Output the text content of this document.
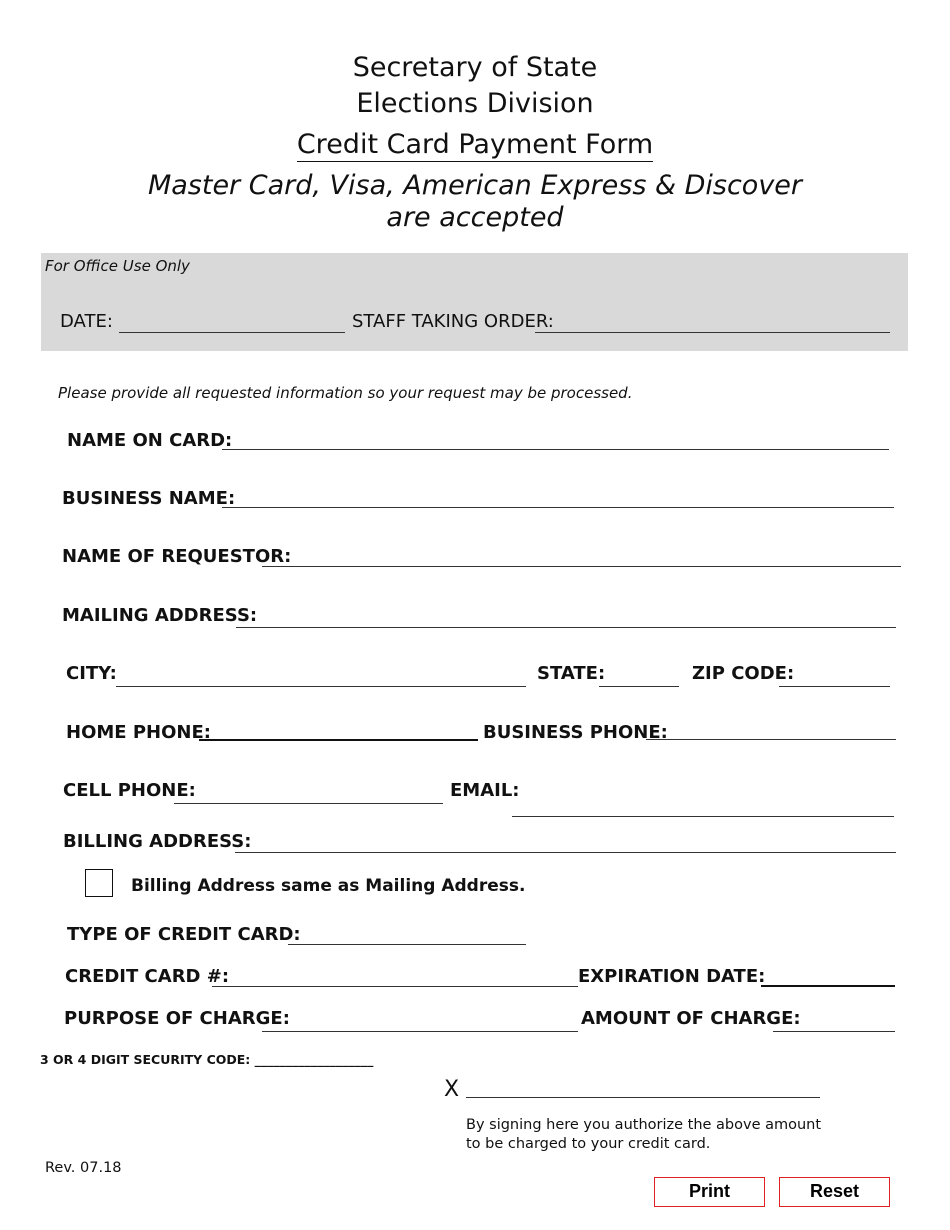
Secretary of State
Elections Division
Credit Card Payment Form
Master Card, Visa, American Express & Discover are accepted
For Office Use Only
DATE:	STAFF TAKING ORDER:
Please provide all requested information so your request may be processed.
NAME ON CARD:
BUSINESS NAME:
NAME OF REQUESTOR:
MAILING ADDRESS:
CITY:	STATE:	ZIP CODE:
HOME PHONE:	BUSINESS PHONE:
CELL PHONE:	EMAIL:
BILLING ADDRESS:
Billing Address same as Mailing Address.
TYPE OF CREDIT CARD:
CREDIT CARD #:	EXPIRATION DATE:
PURPOSE OF CHARGE:	AMOUNT OF CHARGE:
3 OR 4 DIGIT SECURITY CODE: ___________________
X
By signing here you authorize the above amount to be charged to your credit card.
Rev. 07.18
Print	Reset
